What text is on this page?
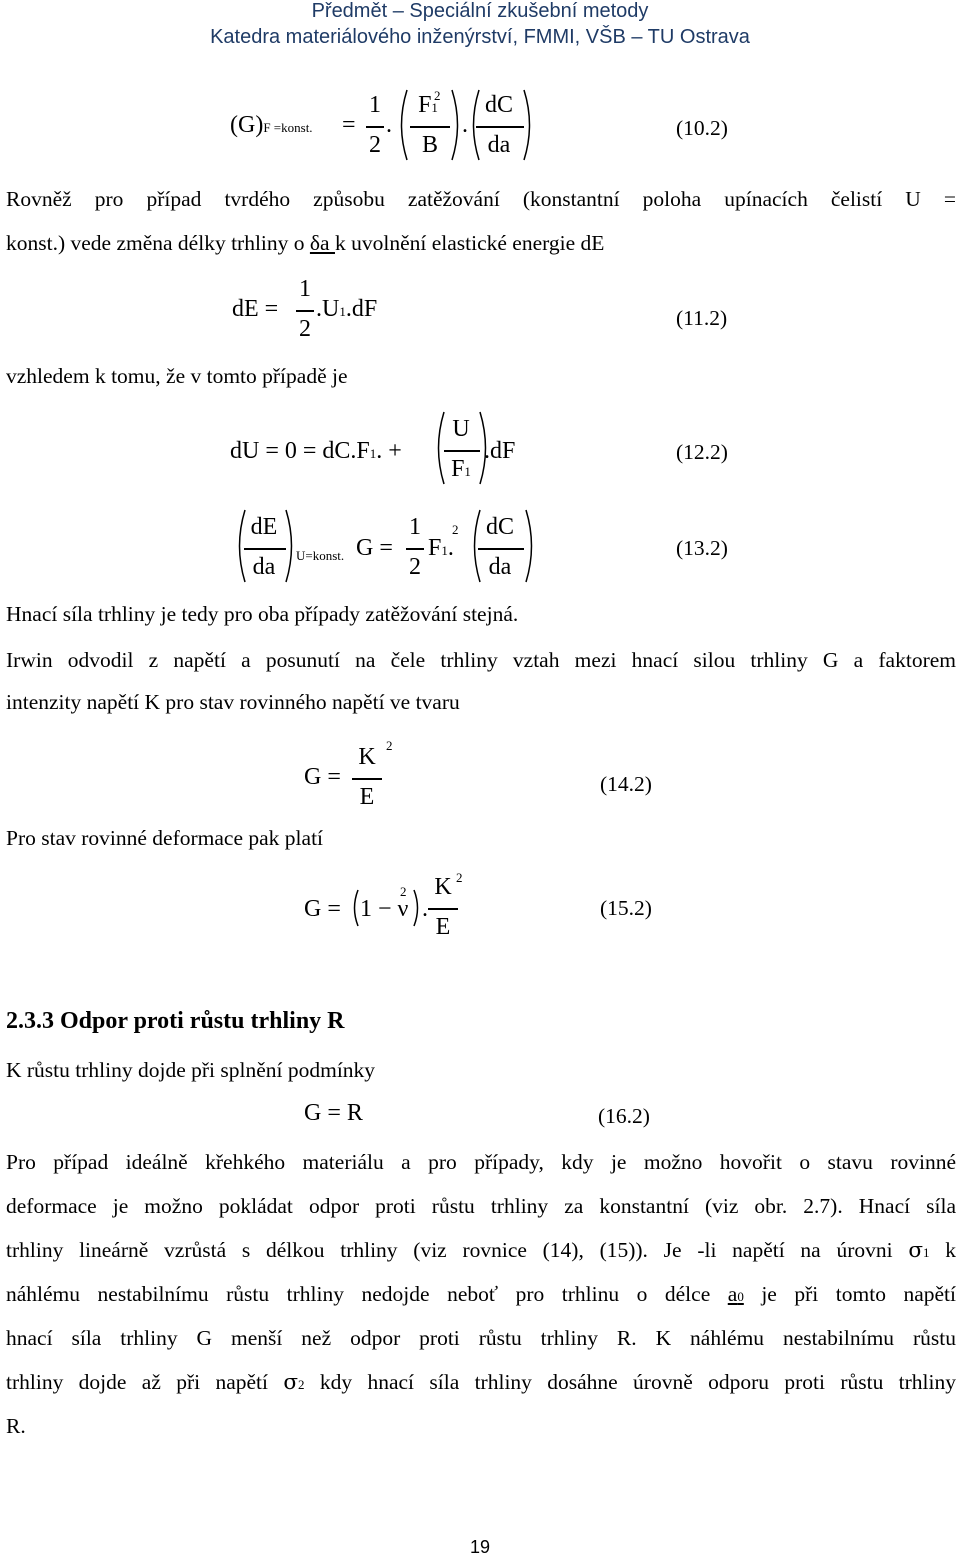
Předmět – Speciální zkušební metody
Katedra materiálového inženýrství, FMMI, VŠB – TU Ostrava
(G)F =konst. =
1
2
.
F1
2
B
.
dC
da
(10.2)
Rovněž pro případ tvrdého způsobu zatěžování (konstantní poloha upínacích čelistí U =
konst.) vede změna délky trhliny o δa k uvolnění elastické energie dE
dE =
1
2
.U1.dF	(11.2)
vzhledem k tomu, že v tomto případě je
dU = 0 = dC.F1. +
U
F1
.dF	(12.2)
dE
da	U=konst. G =
1
2
F1.
2 dC
da
(13.2)
Hnací síla trhliny je tedy pro oba případy zatěžování stejná.
Irwin odvodil z napětí a posunutí na čele trhliny vztah mezi hnací silou trhliny G a faktorem
intenzity napětí K pro stav rovinného napětí ve tvaru
G =
K 2
E	(14.2)
Pro stav rovinné deformace pak platí
G = 1 − ν
2
.
K 2
E
(15.2)
2.3.3 Odpor proti růstu trhliny R
K růstu trhliny dojde při splnění podmínky
G = R	(16.2)
Pro případ ideálně křehkého materiálu a pro případy, kdy je možno hovořit o stavu rovinné
deformace je možno pokládat odpor proti růstu trhliny za konstantní (viz obr. 2.7). Hnací síla
trhliny lineárně vzrůstá s délkou trhliny (viz rovnice (14), (15)). Je -li napětí na úrovni σ1 k
náhlému nestabilnímu růstu trhliny nedojde neboť pro trhlinu o délce a0 je při tomto napětí
hnací síla trhliny G menší než odpor proti růstu trhliny R. K náhlému nestabilnímu růstu
trhliny dojde až při napětí σ2 kdy hnací síla trhliny dosáhne úrovně odporu proti růstu trhliny
R.
19
